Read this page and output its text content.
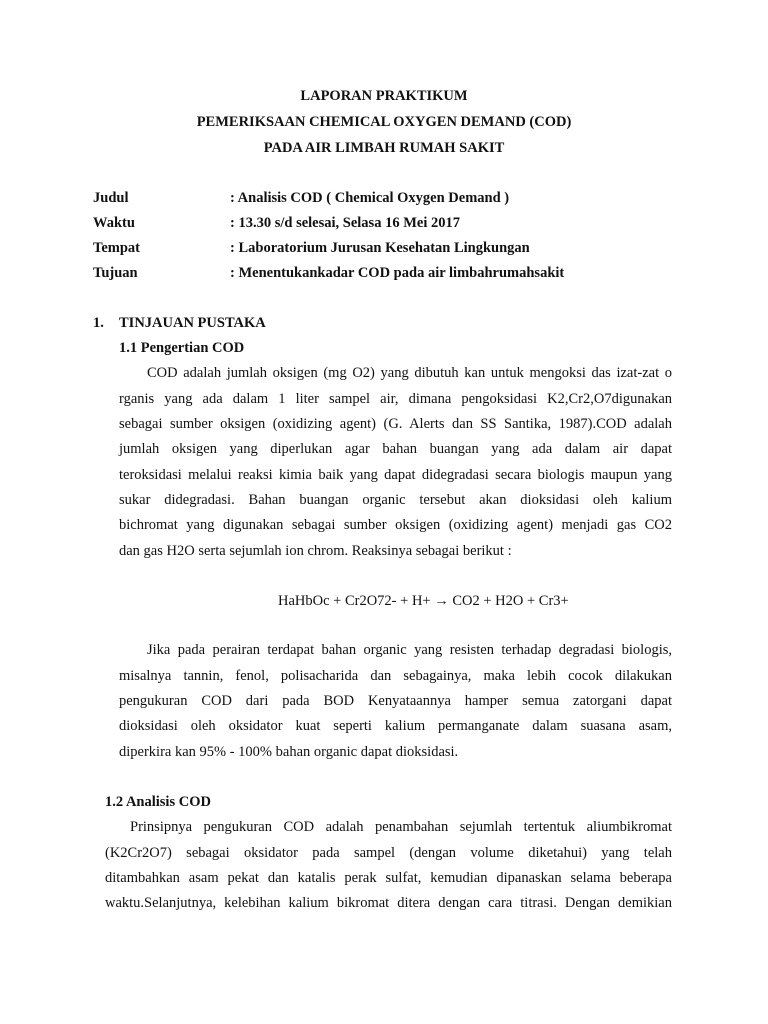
LAPORAN PRAKTIKUM
PEMERIKSAAN CHEMICAL OXYGEN DEMAND (COD)
PADA AIR LIMBAH RUMAH SAKIT
Judul	: Analisis COD ( Chemical Oxygen Demand )
Waktu	: 13.30 s/d selesai, Selasa 16 Mei 2017
Tempat	: Laboratorium Jurusan Kesehatan Lingkungan
Tujuan	: Menentukankadar COD pada air limbahrumahsakit
1. TINJAUAN PUSTAKA
1.1 Pengertian COD
COD adalah jumlah oksigen (mg O2) yang dibutuh kan untuk mengoksi das izat-zat o
rganis yang ada dalam 1 liter sampel air, dimana pengoksidasi K2,Cr2,O7digunakan
sebagai sumber oksigen (oxidizing agent) (G. Alerts dan SS Santika, 1987).COD adalah
jumlah oksigen yang diperlukan agar bahan buangan yang ada dalam air dapat
teroksidasi melalui reaksi kimia baik yang dapat didegradasi secara biologis maupun yang
sukar didegradasi. Bahan buangan organic tersebut akan dioksidasi oleh kalium
bichromat yang digunakan sebagai sumber oksigen (oxidizing agent) menjadi gas CO2
dan gas H2O serta sejumlah ion chrom. Reaksinya sebagai berikut :
HaHbOc + Cr2O72- + H+ → CO2 + H2O + Cr3+
Jika pada perairan terdapat bahan organic yang resisten terhadap degradasi biologis,
misalnya tannin, fenol, polisacharida dan sebagainya, maka lebih cocok dilakukan
pengukuran COD dari pada BOD Kenyataannya hamper semua zatorgani dapat
dioksidasi oleh oksidator kuat seperti kalium permanganate dalam suasana asam,
diperkira kan 95% - 100% bahan organic dapat dioksidasi.
1.2 Analisis COD
Prinsipnya pengukuran COD adalah penambahan sejumlah tertentuk aliumbikromat
(K2Cr2O7) sebagai oksidator pada sampel (dengan volume diketahui) yang telah
ditambahkan asam pekat dan katalis perak sulfat, kemudian dipanaskan selama beberapa
waktu.Selanjutnya, kelebihan kalium bikromat ditera dengan cara titrasi. Dengan demikian
